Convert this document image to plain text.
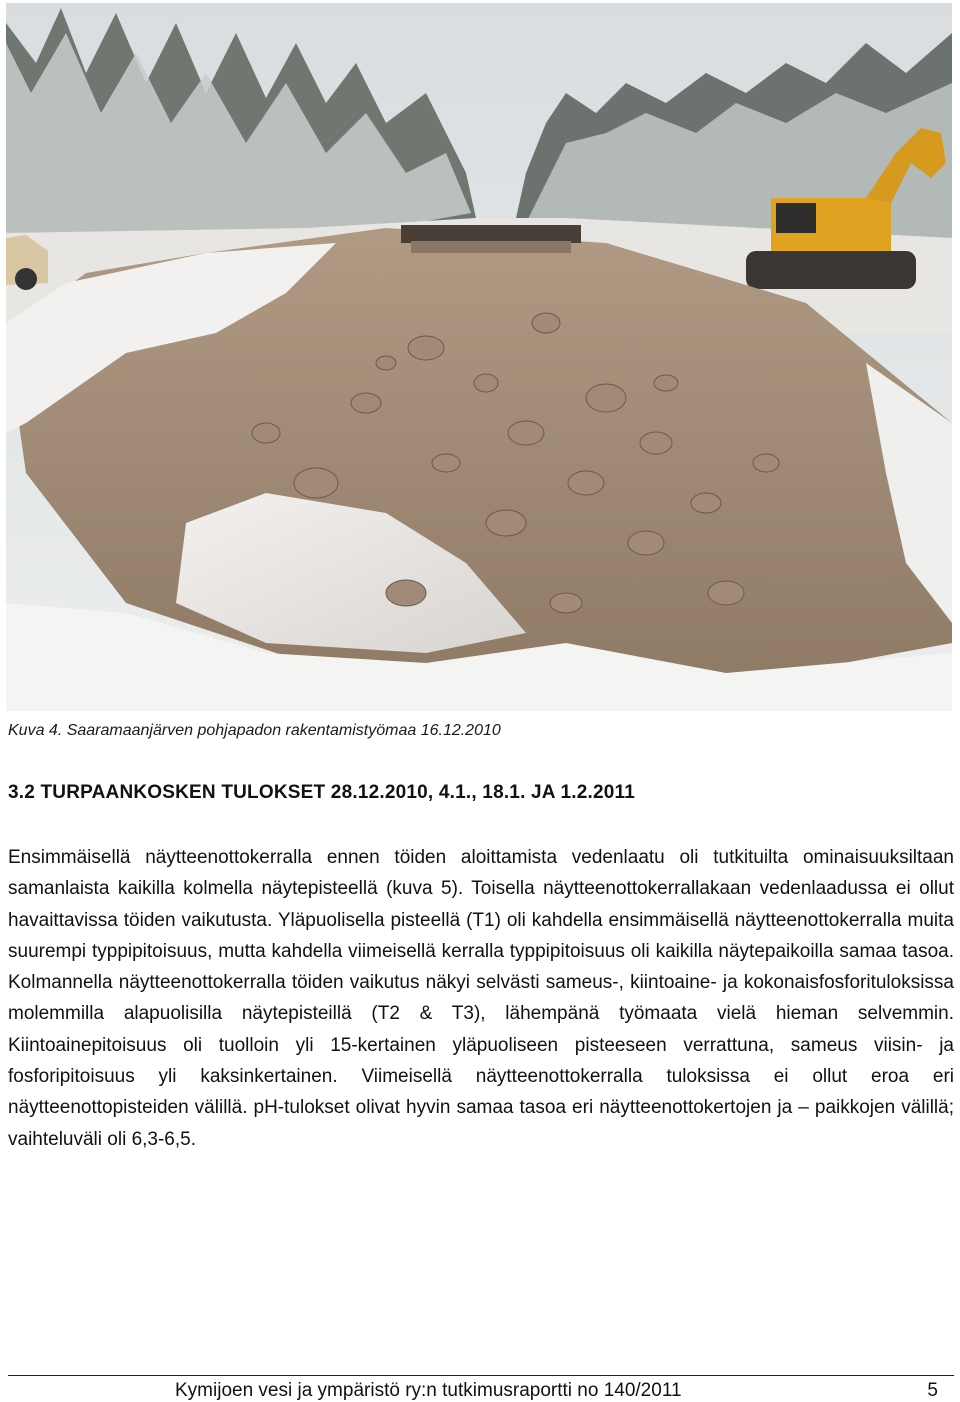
Kuva 4. Saaramaanjärven pohjapadon rakentamistyömaa 16.12.2010
3.2 TURPAANKOSKEN TULOKSET 28.12.2010, 4.1., 18.1. JA 1.2.2011

Ensimmäisellä näytteenottokerralla ennen töiden aloittamista vedenlaatu oli tutkituilta ominaisuuksiltaan samanlaista kaikilla kolmella näytepisteellä (kuva 5). Toisella näytteenottokerrallakaan vedenlaadussa ei ollut havaittavissa töiden vaikutusta. Yläpuolisella pisteellä (T1) oli kahdella ensimmäisellä näytteenottokerralla muita suurempi typpipitoisuus, mutta kahdella viimeisellä kerralla typpipitoisuus oli kaikilla näytepaikoilla samaa tasoa. Kolmannella näytteenottokerralla töiden vaikutus näkyi selvästi sameus-, kiintoaine- ja kokonaisfosforituloksissa molemmilla alapuolisilla näytepisteillä (T2 & T3), lähempänä työmaata vielä hieman selvemmin. Kiintoainepitoisuus oli tuolloin yli 15-kertainen yläpuoliseen pisteeseen verrattuna, sameus viisin- ja fosforipitoisuus yli kaksinkertainen. Viimeisellä näytteenottokerralla tuloksissa ei ollut eroa eri näytteenottopisteiden välillä. pH-tulokset olivat hyvin samaa tasoa eri näytteenottokertojen ja – paikkojen välillä; vaihteluväli oli 6,3-6,5.

Kymijoen vesi ja ympäristö ry:n tutkimusraportti no 140/2011	5
